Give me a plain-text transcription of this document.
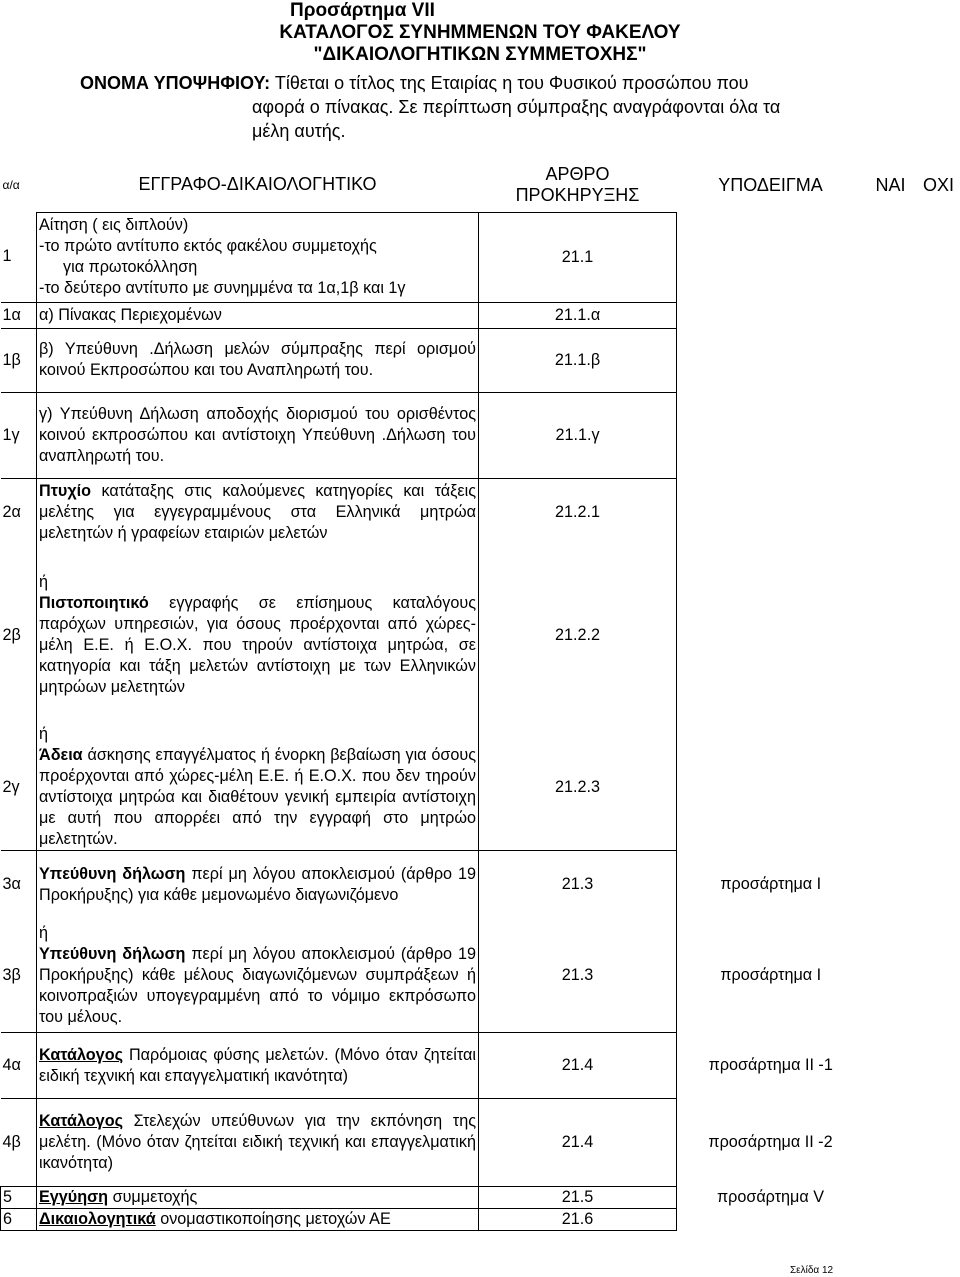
Προσάρτημα VII
ΚΑΤΑΛΟΓΟΣ ΣΥΝΗΜΜΕΝΩΝ ΤΟΥ ΦΑΚΕΛΟΥ
"ΔΙΚΑΙΟΛΟΓΗΤΙΚΩΝ ΣΥΜΜΕΤΟΧΗΣ"
ΟΝΟΜΑ ΥΠΟΨΗΦΙΟΥ: Τίθεται ο τίτλος της Εταιρίας η του Φυσικού προσώπου που
αφορά ο πίνακας. Σε περίπτωση σύμπραξης αναγράφονται όλα τα
μέλη αυτής.
α/α	ΕΓΓΡΑΦΟ-ΔΙΚΑΙΟΛΟΓΗΤΙΚΟ	ΑΡΘΡΟ
ΠΡΟΚΗΡΥΞΗΣ	ΥΠΟΔΕΙΓΜΑ	ΝΑΙ	ΟΧΙ
1	Αίτηση ( εις διπλούν)
-το πρώτο αντίτυπο εκτός φακέλου συμμετοχής
για πρωτοκόλληση
-το δεύτερο αντίτυπο με συνημμένα τα 1α,1β και 1γ	21.1			
1α	α) Πίνακας Περιεχομένων	21.1.α			
1β	β) Υπεύθυνη .Δήλωση μελών σύμπραξης περί ορισμού κοινού Εκπροσώπου και του Αναπληρωτή του.	21.1.β			
1γ	γ) Υπεύθυνη Δήλωση αποδοχής διορισμού του ορισθέντος κοινού εκπροσώπου και αντίστοιχη Υπεύθυνη .Δήλωση του αναπληρωτή του.	21.1.γ			
2α	Πτυχίο κατάταξης στις καλούμενες κατηγορίες και τάξεις μελέτης για εγγεγραμμένους στα Ελληνικά μητρώα μελετητών ή γραφείων εταιριών μελετών	21.2.1			
2β	ή
Πιστοποιητικό εγγραφής σε επίσημους καταλόγους παρόχων υπηρεσιών, για όσους προέρχονται από χώρες-μέλη Ε.Ε. ή Ε.Ο.Χ. που τηρούν αντίστοιχα μητρώα, σε κατηγορία και τάξη μελετών αντίστοιχη με των Ελληνικών μητρώων μελετητών	21.2.2			
2γ	ή
Άδεια άσκησης επαγγέλματος ή ένορκη βεβαίωση για όσους προέρχονται από χώρες-μέλη Ε.Ε. ή Ε.Ο.Χ. που δεν τηρούν αντίστοιχα μητρώα και διαθέτουν γενική εμπειρία αντίστοιχη με αυτή που απορρέει από την εγγραφή στο μητρώο μελετητών.	21.2.3			
3α	Υπεύθυνη δήλωση περί μη λόγου αποκλεισμού (άρθρο 19 Προκήρυξης) για κάθε μεμονωμένο διαγωνιζόμενο	21.3	προσάρτημα Ι		
3β	ή
Υπεύθυνη δήλωση περί μη λόγου αποκλεισμού (άρθρο 19 Προκήρυξης) κάθε μέλους διαγωνιζόμενων συμπράξεων ή κοινοπραξιών υπογεγραμμένη από το νόμιμο εκπρόσωπο του μέλους.	21.3	προσάρτημα Ι		
4α	Κατάλογος Παρόμοιας φύσης μελετών. (Μόνο όταν ζητείται ειδική τεχνική και επαγγελματική ικανότητα)	21.4	προσάρτημα ΙΙ -1		
4β	Κατάλογος Στελεχών υπεύθυνων για την εκπόνηση της μελέτη. (Μόνο όταν ζητείται ειδική τεχνική και επαγγελματική ικανότητα)	21.4	προσάρτημα ΙΙ -2		
5	Εγγύηση συμμετοχής	21.5	προσάρτημα V		
6	Δικαιολογητικά ονομαστικοποίησης μετοχών ΑΕ	21.6			
Σελίδα 12
